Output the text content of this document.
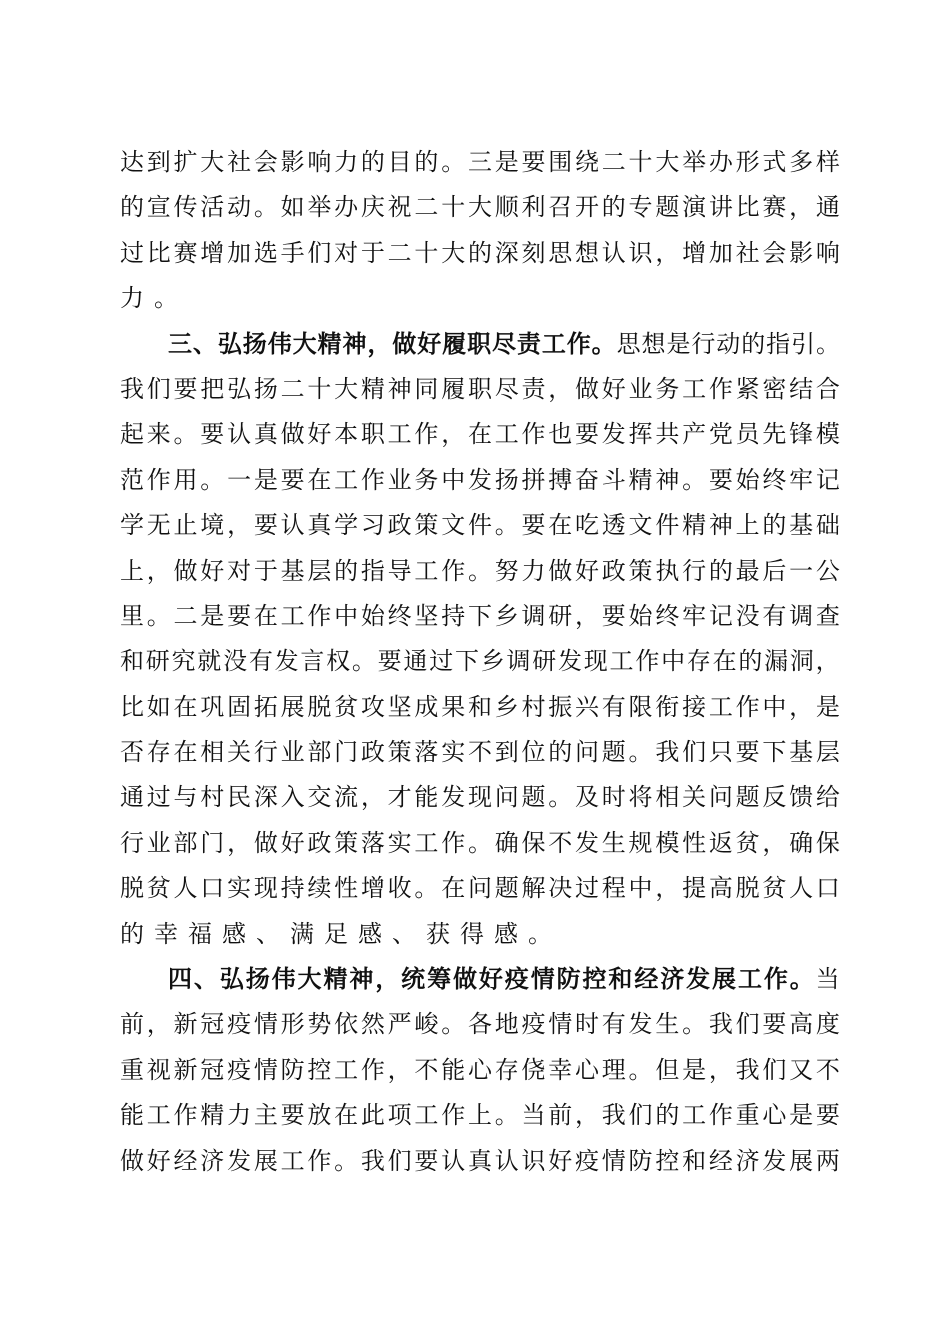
达 到 扩 大 社 会 影 响 力 的 目 的 。 三 是 要 围 绕 二 十 大 举 办 形 式 多 样
的 宣 传 活 动 。 如 举 办 庆 祝 二 十 大 顺 利 召 开 的 专 题 演 讲 比 赛 ， 通
过 比 赛 增 加 选 手 们 对 于 二 十 大 的 深 刻 思 想 认 识 ， 增 加 社 会 影 响
力。
三 、 弘 扬 伟 大 精 神 ， 做 好 履 职 尽 责 工 作 。 思 想 是 行 动 的 指 引 。
我 们 要 把 弘 扬 二 十 大 精 神 同 履 职 尽 责 ， 做 好 业 务 工 作 紧 密 结 合
起 来 。 要 认 真 做 好 本 职 工 作 ， 在 工 作 也 要 发 挥 共 产 党 员 先 锋 模
范 作 用 。 一 是 要 在 工 作 业 务 中 发 扬 拼 搏 奋 斗 精 神 。 要 始 终 牢 记
学 无 止 境 ， 要 认 真 学 习 政 策 文 件 。 要 在 吃 透 文 件 精 神 上 的 基 础
上 ， 做 好 对 于 基 层 的 指 导 工 作 。 努 力 做 好 政 策 执 行 的 最 后 一 公
里 。 二 是 要 在 工 作 中 始 终 坚 持 下 乡 调 研 ， 要 始 终 牢 记 没 有 调 查
和 研 究 就 没 有 发 言 权 。 要 通 过 下 乡 调 研 发 现 工 作 中 存 在 的 漏 洞 ，
比 如 在 巩 固 拓 展 脱 贫 攻 坚 成 果 和 乡 村 振 兴 有 限 衔 接 工 作 中 ， 是
否 存 在 相 关 行 业 部 门 政 策 落 实 不 到 位 的 问 题 。 我 们 只 要 下 基 层
通 过 与 村 民 深 入 交 流 ， 才 能 发 现 问 题 。 及 时 将 相 关 问 题 反 馈 给
行 业 部 门 ， 做 好 政 策 落 实 工 作 。 确 保 不 发 生 规 模 性 返 贫 ， 确 保
脱 贫 人 口 实 现 持 续 性 增 收 。 在 问 题 解 决 过 程 中 ， 提 高 脱 贫 人 口
的幸福感、满足感、获得感。
四 、 弘 扬 伟 大 精 神 ， 统 筹 做 好 疫 情 防 控 和 经 济 发 展 工 作 。 当
前 ， 新 冠 疫 情 形 势 依 然 严 峻 。 各 地 疫 情 时 有 发 生 。 我 们 要 高 度
重 视 新 冠 疫 情 防 控 工 作 ， 不 能 心 存 侥 幸 心 理 。 但 是 ， 我 们 又 不
能 工 作 精 力 主 要 放 在 此 项 工 作 上 。 当 前 ， 我 们 的 工 作 重 心 是 要
做 好 经 济 发 展 工 作 。 我 们 要 认 真 认 识 好 疫 情 防 控 和 经 济 发 展 两
